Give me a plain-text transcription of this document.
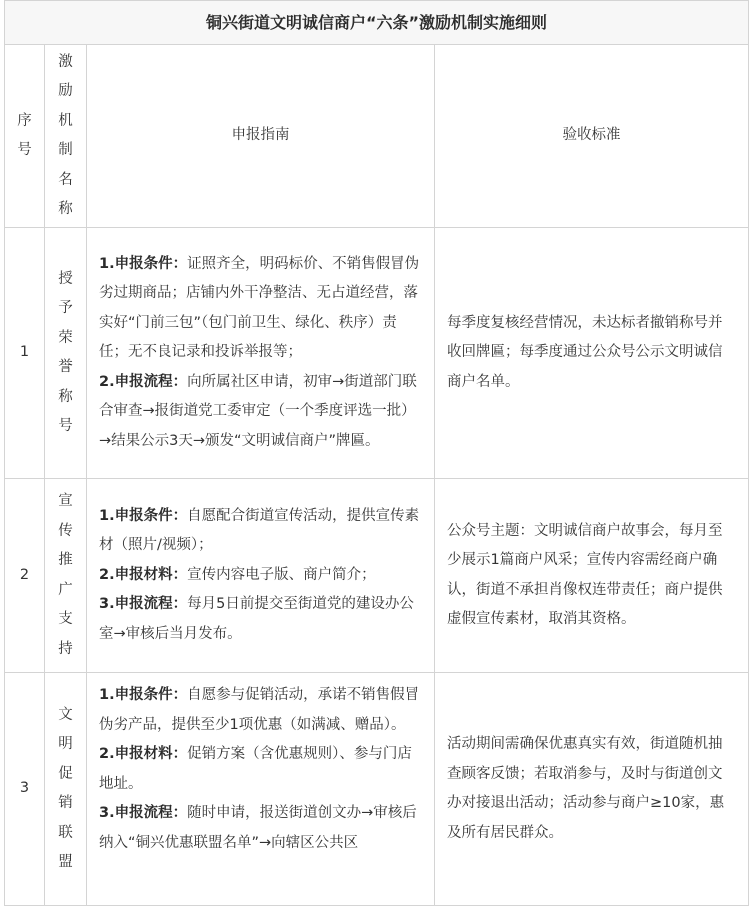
铜兴街道文明诚信商户“六条”激励机制实施细则			
序号	激励机制名称	申报指南	验收标准
1	授予荣誉称号	1.申报条件：证照齐全，明码标价、不销售假冒伪劣过期商品；店铺内外干净整洁、无占道经营，落实好“门前三包”（包门前卫生、绿化、秩序）责任；无不良记录和投诉举报等；
2.申报流程：向所属社区申请，初审→街道部门联合审查→报街道党工委审定（一个季度评选一批）→结果公示3天→颁发“文明诚信商户”牌匾。	每季度复核经营情况，未达标者撤销称号并收回牌匾；每季度通过公众号公示文明诚信商户名单。
2	宣传推广支持	1.申报条件：自愿配合街道宣传活动，提供宣传素材（照片/视频）；
2.申报材料：宣传内容电子版、商户简介；
3.申报流程：每月5日前提交至街道党的建设办公室→审核后当月发布。	公众号主题：文明诚信商户故事会，每月至少展示1篇商户风采；宣传内容需经商户确认，街道不承担肖像权连带责任；商户提供虚假宣传素材，取消其资格。
3	文明促销联盟	1.申报条件：自愿参与促销活动，承诺不销售假冒伪劣产品，提供至少1项优惠（如满减、赠品）。
2.申报材料：促销方案（含优惠规则）、参与门店地址。
3.申报流程：随时申请，报送街道创文办→审核后纳入“铜兴优惠联盟名单”→向辖区公共区	活动期间需确保优惠真实有效，街道随机抽查顾客反馈；若取消参与，及时与街道创文办对接退出活动；活动参与商户≥10家，惠及所有居民群众。
